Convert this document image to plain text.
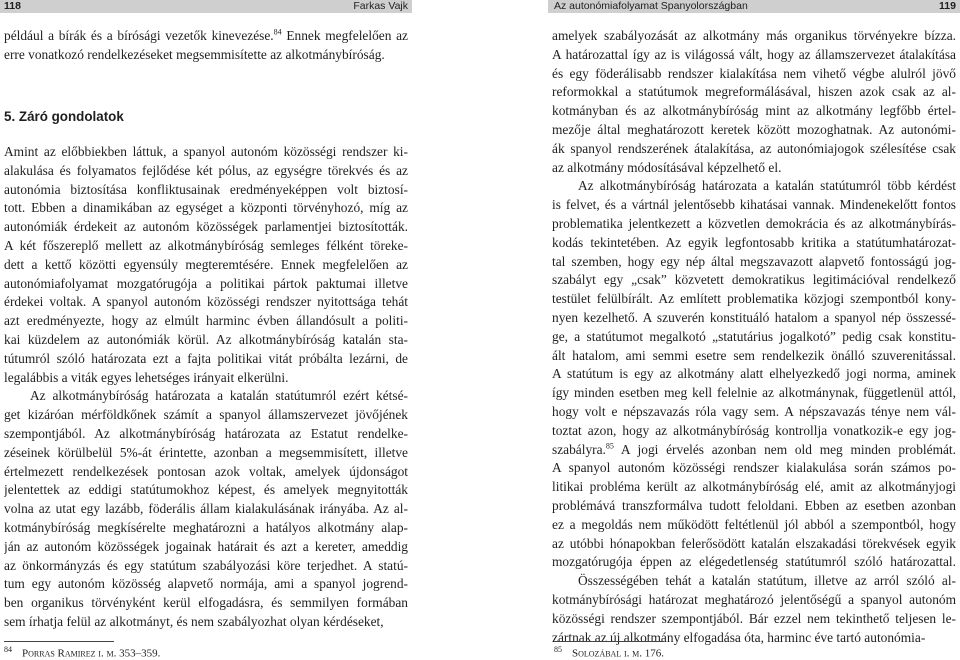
118	Farkas Vajk
például a bírák és a bírósági vezetők kinevezése.$^{84}$ Ennek megfelelően az
erre vonatkozó rendelkezéseket megsemmisítette az alkotmánybíróság.
5. Záró gondolatok
Amint az előbbiekben láttuk, a spanyol autonóm közösségi rendszer ki-
alakulása és folyamatos fejlődése két pólus, az egységre törekvés és az
autonómia biztosítása konfliktusainak eredményeképpen volt biztosí-
tott. Ebben a dinamikában az egységet a központi törvényhozó, míg az
autonómiák érdekeit az autonóm közösségek parlamentjei biztosították.
A két főszereplő mellett az alkotmánybíróság semleges félként töreke-
dett a kettő közötti egyensúly megteremtésére. Ennek megfelelően az
autonómiafolyamat mozgatórugója a politikai pártok paktumai illetve
érdekei voltak. A spanyol autonóm közösségi rendszer nyitottsága tehát
azt eredményezte, hogy az elmúlt harminc évben állandósult a politi-
kai küzdelem az autonómiák körül. Az alkotmánybíróság katalán sta-
tútumról szóló határozata ezt a fajta politikai vitát próbálta lezárni, de
legalábbis a viták egyes lehetséges irányait elkerülni.
Az alkotmánybíróság határozata a katalán statútumról ezért kétsé-
get kizáróan mérföldkőnek számít a spanyol államszervezet jövőjének
szempontjából. Az alkotmánybíróság határozata az Estatut rendelke-
zéseinek körülbelül 5%-át érintette, azonban a megsemmisített, illetve
értelmezett rendelkezések pontosan azok voltak, amelyek újdonságot
jelentettek az eddigi statútumokhoz képest, és amelyek megnyitották
volna az utat egy lazább, föderális állam kialakulásának irányába. Az al-
kotmánybíróság megkíséreltе meghatározni a hatályos alkotmány alap-
ján az autonóm közösségek jogainak határait és azt a kereteт, ameddig
az önkormányzás és egy statútum szabályozási köre terjedhet. A statú-
tum egy autonóm közösség alapvető normája, ami a spanyol jogrend-
ben organikus törvényként kerül elfogadásra, és semmilyen formában
sem írhatja felül az alkotmányt, és nem szabályozhat olyan kérdéseket,
$^{84}$ Porras Ramirez i. m. 353–359.
Az autonómiafolyamat Spanyolországban	119
amelyek szabályozását az alkotmány más organikus törvényekre bízza.
A határozattal így az is világossá vált, hogy az államszervezet átalakítása
és egy föderálisabb rendszer kialakítása nem vihető végbe alulról jövő
reformokkal a statútumok megreformálásával, hiszen azok csak az al-
kotmányban és az alkotmánybíróság mint az alkotmány legfőbb értel-
mezője által meghatározott keretek között mozoghatnak. Az autonómi-
ák spanyol rendszerének átalakítása, az autonómiajogok szélesítése csak
az alkotmány módosításával képzelhető el.
Az alkotmánybíróság határozata a katalán statútumról több kérdést
is felvet, és a vártnál jelentősebb kihatásai vannak. Mindenekelőtt fontos
problematika jelentkezett a közvetlen demokrácia és az alkotmánybírás-
kodás tekintetében. Az egyik legfontosabb kritika a statútumhatározat-
tal szemben, hogy egy nép által megszavazott alapvető fontosságú jog-
szabályt egy „csak” közvetett demokratikus legitimációval rendelkező
testület felülbírált. Az említett problematika közjogi szempontból kony-
nyen kezelhető. A szuverén konstituáló hatalom a spanyol nép összessé-
ge, a statútumot megalkotó „statutárius jogalkotó” pedig csak konstitu-
ált hatalom, ami semmi esetre sem rendelkezik önálló szuverenitással.
A statútum is egy az alkotmány alatt elhelyezkedő jogi norma, aminek
így minden esetben meg kell felelnie az alkotmánynak, függetlenül attól,
hogy volt e népszavazás róla vagy sem. A népszavazás ténye nem vál-
toztat azon, hogy az alkotmánybíróság kontrollja vonatkozik-e egy jog-
szabályra.$^{85}$ A jogi érvelés azonban nem old meg minden problémát.
A spanyol autonóm közösségi rendszer kialakulása során számos po-
litikai probléma került az alkotmánybíróság elé, amit az alkotmányjogi
problémává transzformálva tudott feloldani. Ebben az esetben azonban
ez a megoldás nem működött feltétlenül jól abból a szempontból, hogy
az utóbbi hónapokban felerősödött katalán elszakadási törekvések egyik
mozgatórugója éppen az elégedetlenség statútumról szóló határozattal.
Összességében tehát a katalán statútum, illetve az arról szóló al-
kotmánybírósági határozat meghatározó jelentőségű a spanyol autonóm
közösségi rendszer szempontjából. Bár ezzel nem tekinthető teljesen le-
zártnak az új alkotmány elfogadása óta, harminc éve tartó autonómia-
$^{85}$ Solozábal i. m. 176.
